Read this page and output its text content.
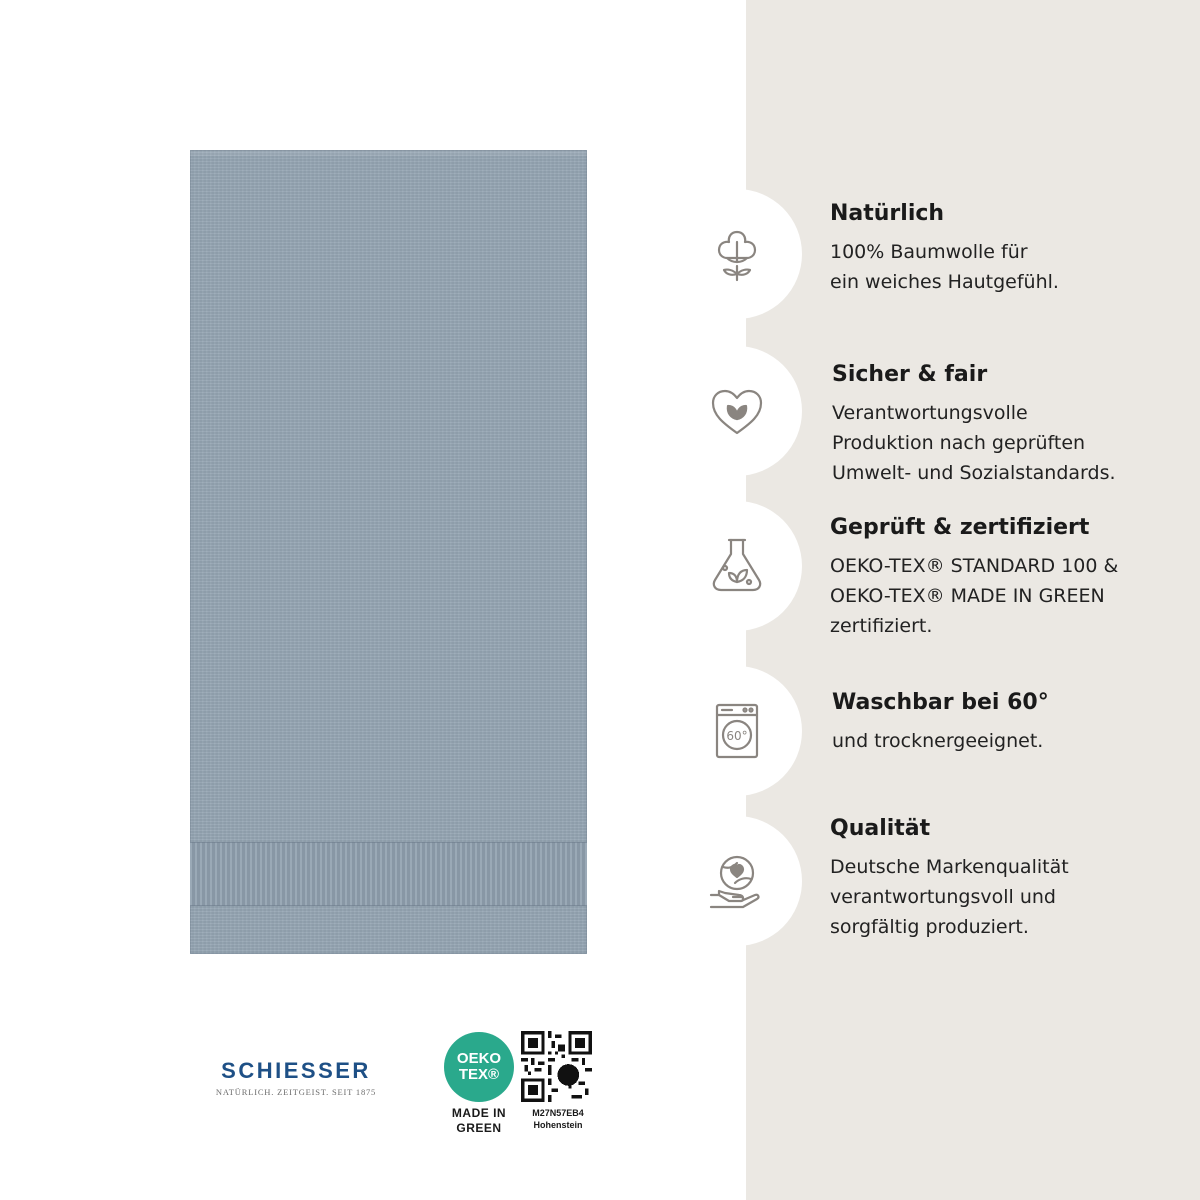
Natürlich

100% Baumwolle für

ein weiches Hautgefühl.

Sicher & fair

Verantwortungsvolle

Produktion nach geprüften

Umwelt- und Sozialstandards.

Geprüft & zertifiziert

OEKO-TEX® STANDARD 100 &

OEKO-TEX® MADE IN GREEN

zertifiziert.

60°

Waschbar bei 60°

und trocknergeeignet.

Qualität

Deutsche Markenqualität

verantwortungsvoll und

sorgfältig produziert.

SCHIESSER
NATÜRLICH. ZEITGEIST. SEIT 1875
OEKO
TEX®
MADE IN
GREEN
M27N57EB4
Hohenstein
